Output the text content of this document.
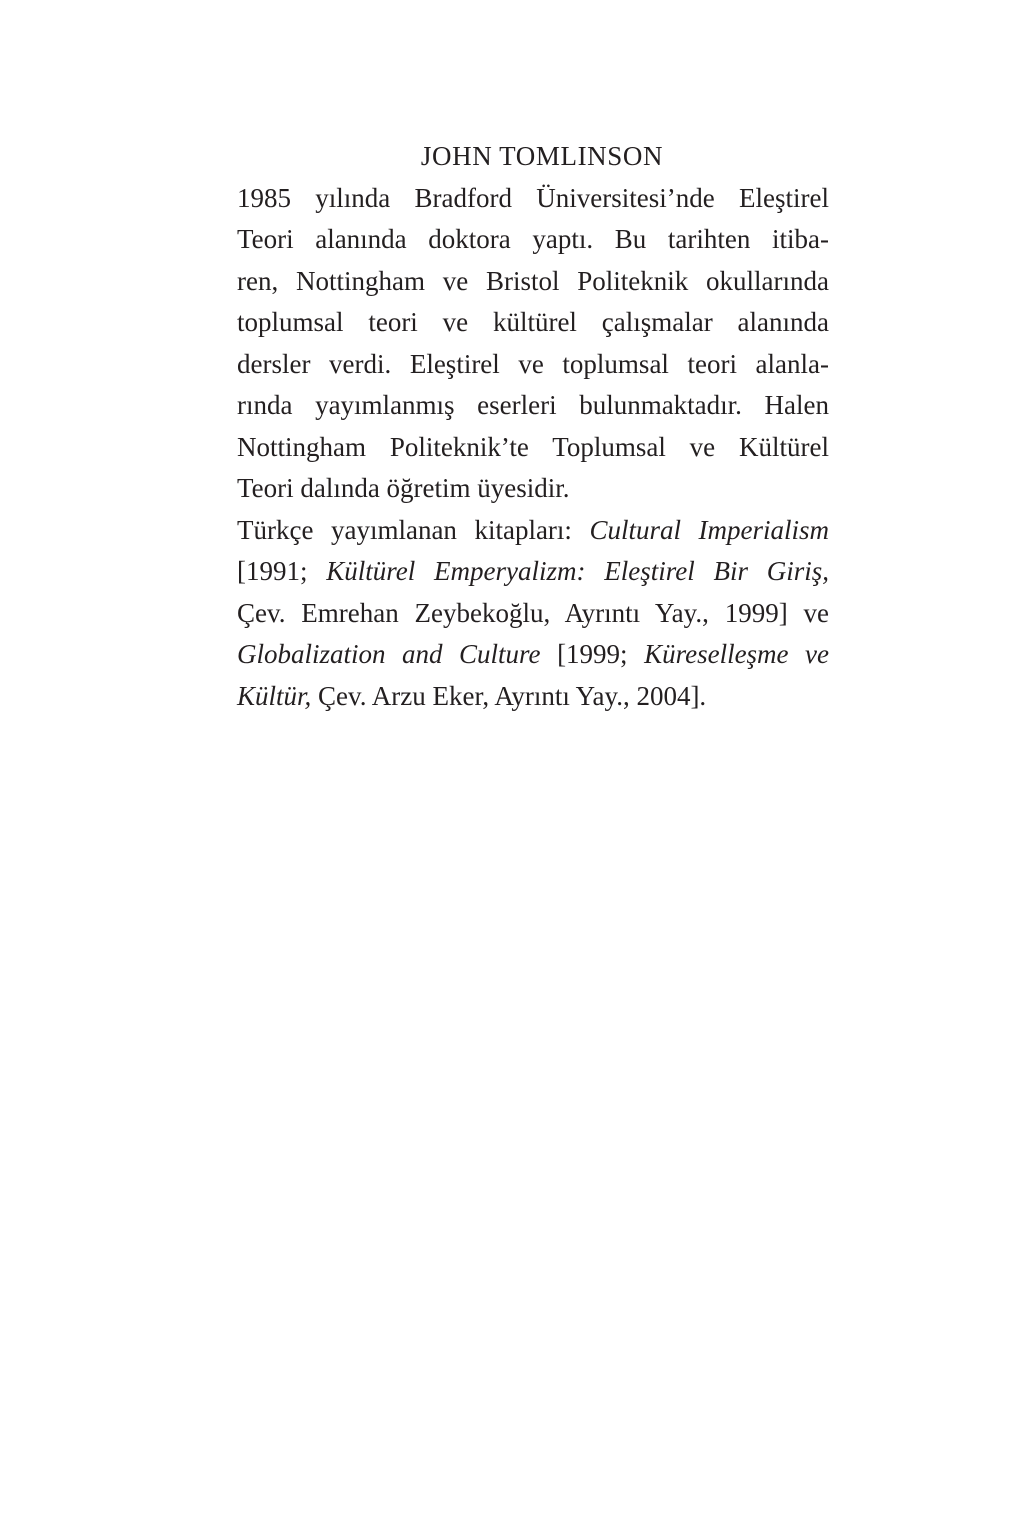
JOHN TOMLINSON

1985 yılında Bradford Üniversitesi’nde Eleştirel
Teori alanında doktora yaptı. Bu tarihten itiba-
ren, Nottingham ve Bristol Politeknik okullarında
toplumsal teori ve kültürel çalışmalar alanında
dersler verdi. Eleştirel ve toplumsal teori alanla-
rında yayımlanmış eserleri bulunmaktadır. Halen
Nottingham Politeknik’te Toplumsal ve Kültürel
Teori dalında öğretim üyesidir.
Türkçe yayımlanan kitapları: Cultural Imperialism
[1991; Kültürel Emperyalizm: Eleştirel Bir Giriş,
Çev. Emrehan Zeybekoğlu, Ayrıntı Yay., 1999] ve
Globalization and Culture [1999; Küreselleşme ve
Kültür, Çev. Arzu Eker, Ayrıntı Yay., 2004].
